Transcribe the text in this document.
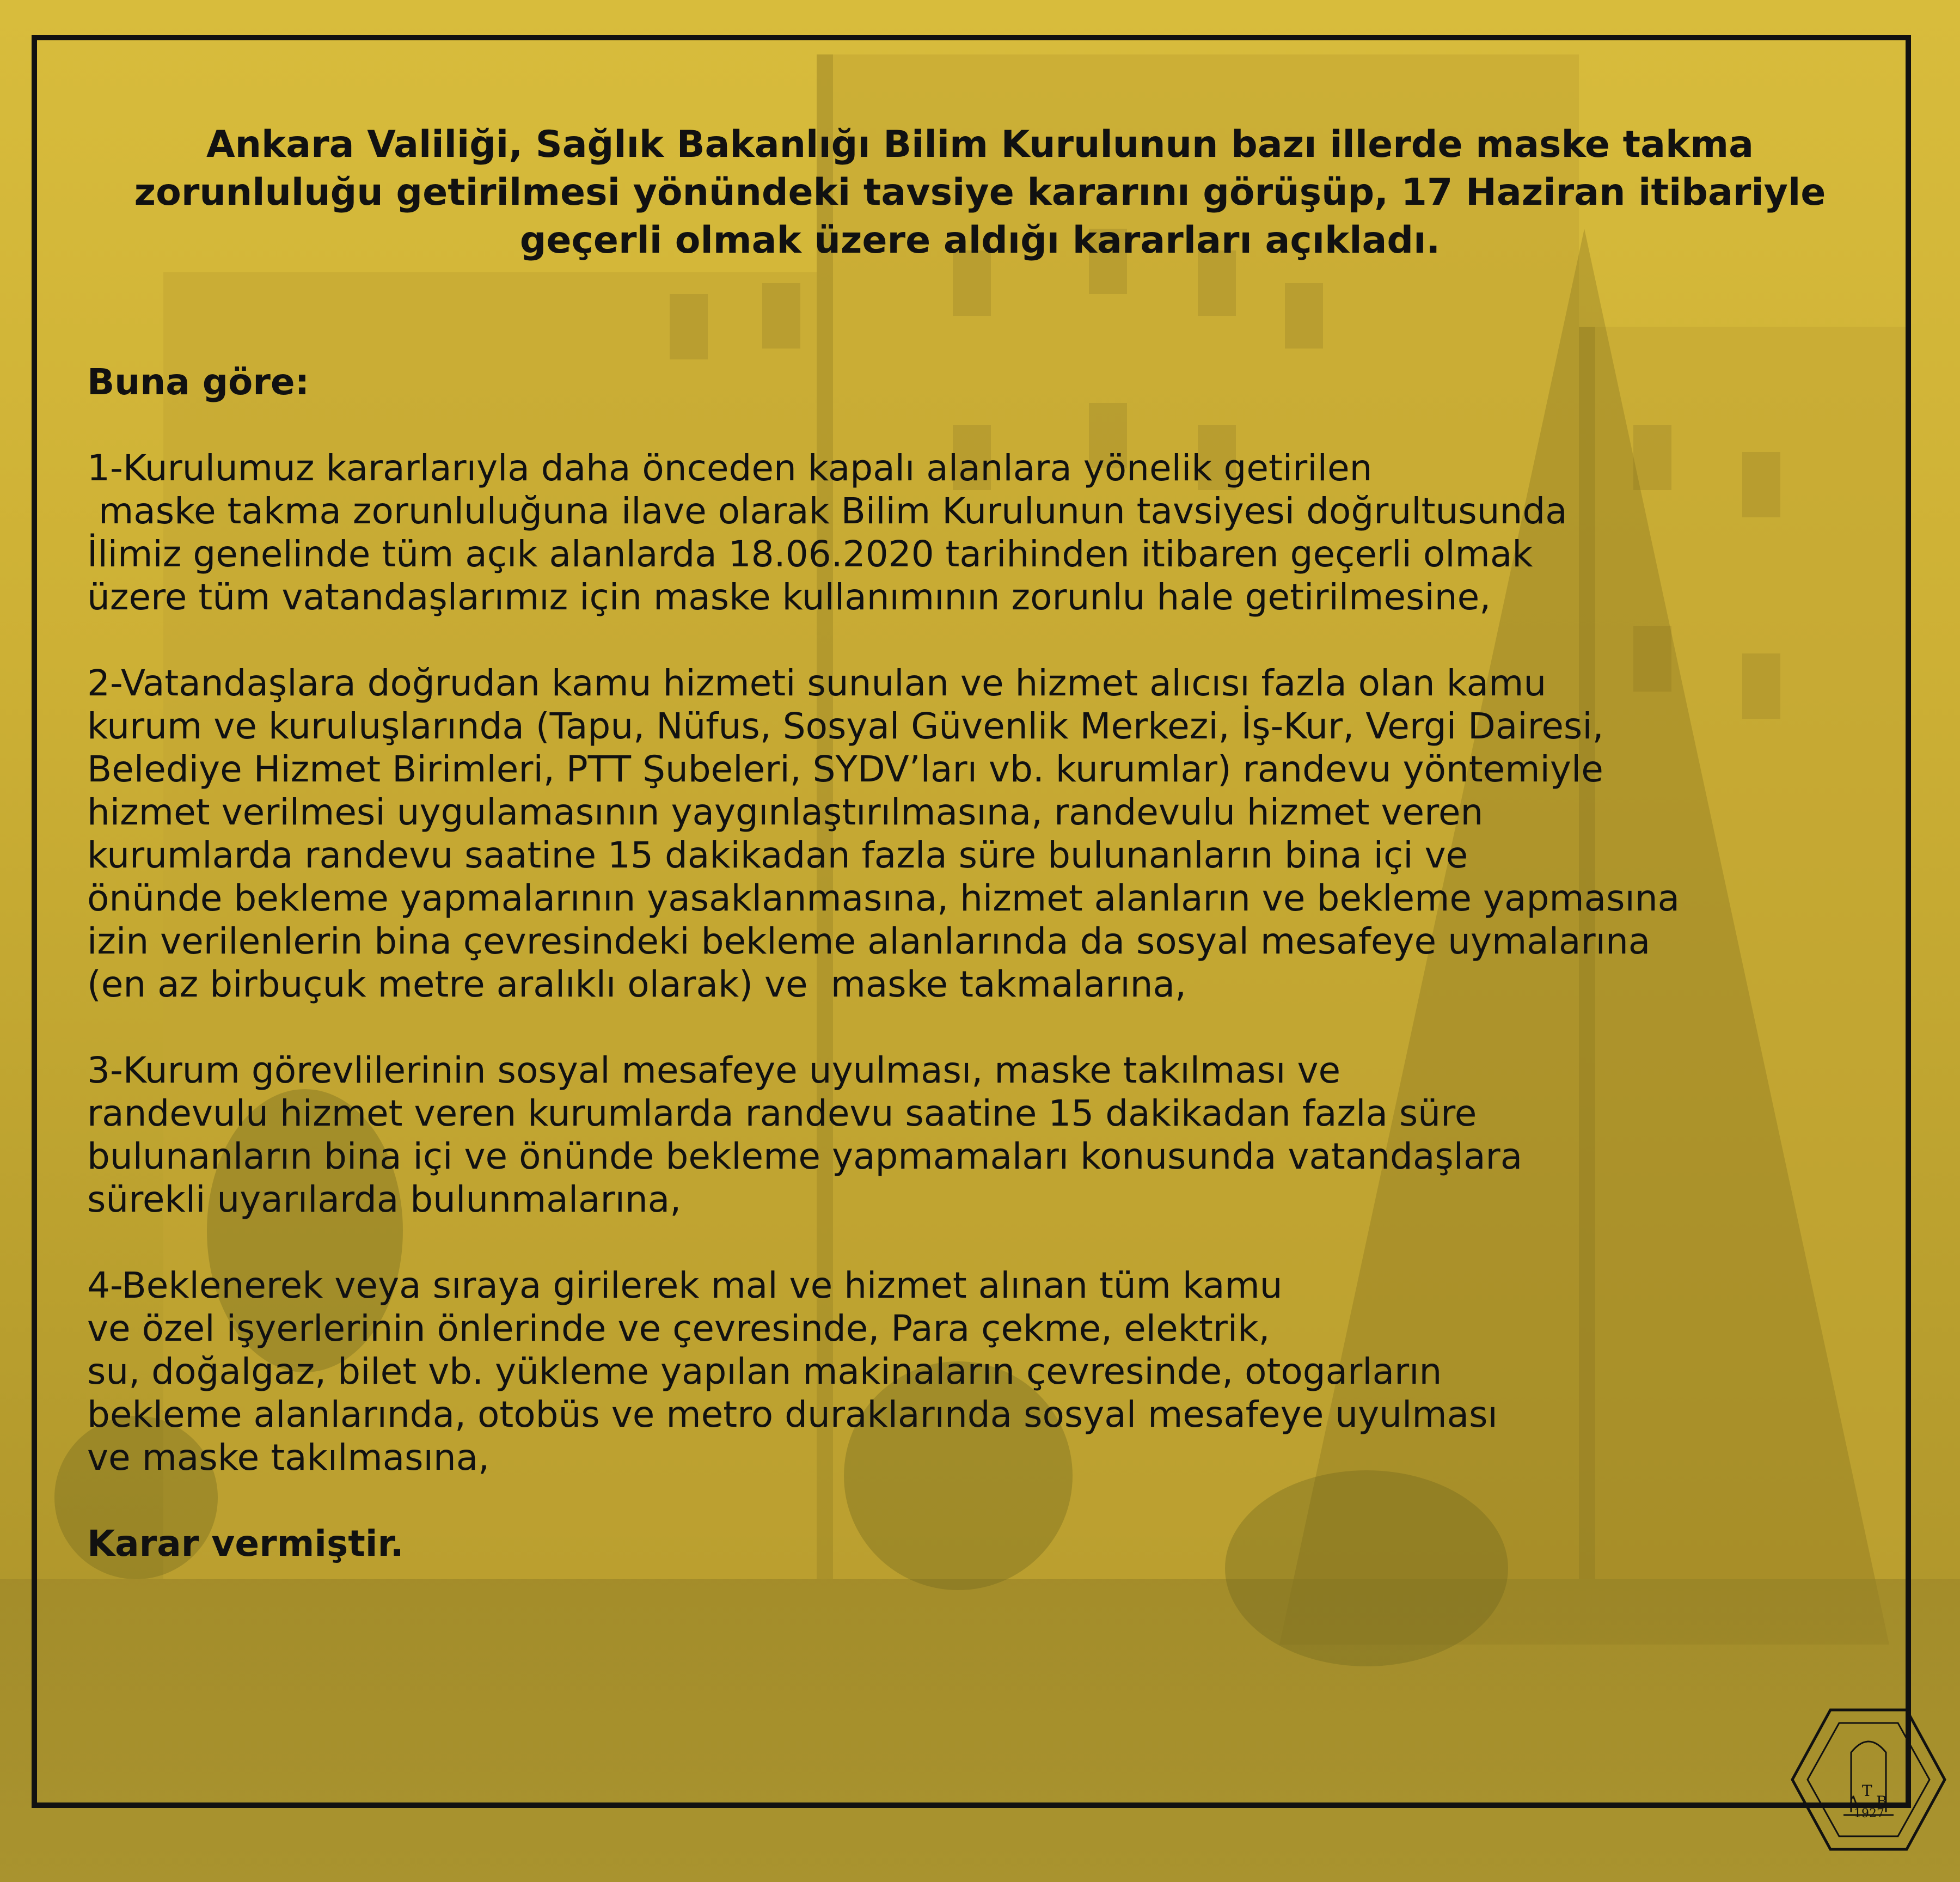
Ankara Valiliği, Sağlık Bakanlığı Bilim Kurulunun bazı illerde maske takma
zorunluluğu getirilmesi yönündeki tavsiye kararını görüşüp, 17 Haziran itibariyle
geçerli olmak üzere aldığı kararları açıkladı.

Buna göre:

1-Kurulumuz kararlarıyla daha önceden kapalı alanlara yönelik getirilen

maske takma zorunluluğuna ilave olarak Bilim Kurulunun tavsiyesi doğrultusunda

İlimiz genelinde tüm açık alanlarda 18.06.2020 tarihinden itibaren geçerli olmak

üzere tüm vatandaşlarımız için maske kullanımının zorunlu hale getirilmesine,

2-Vatandaşlara doğrudan kamu hizmeti sunulan ve hizmet alıcısı fazla olan kamu

kurum ve kuruluşlarında (Tapu, Nüfus, Sosyal Güvenlik Merkezi, İş-Kur, Vergi Dairesi,

Belediye Hizmet Birimleri, PTT Şubeleri, SYDV’ları vb. kurumlar) randevu yöntemiyle

hizmet verilmesi uygulamasının yaygınlaştırılmasına, randevulu hizmet veren

kurumlarda randevu saatine 15 dakikadan fazla süre bulunanların bina içi ve

önünde bekleme yapmalarının yasaklanmasına, hizmet alanların ve bekleme yapmasına

izin verilenlerin bina çevresindeki bekleme alanlarında da sosyal mesafeye uymalarına

(en az birbuçuk metre aralıklı olarak) ve  maske takmalarına,

3-Kurum görevlilerinin sosyal mesafeye uyulması, maske takılması ve

randevulu hizmet veren kurumlarda randevu saatine 15 dakikadan fazla süre

bulunanların bina içi ve önünde bekleme yapmamaları konusunda vatandaşlara

sürekli uyarılarda bulunmalarına,

4-Beklenerek veya sıraya girilerek mal ve hizmet alınan tüm kamu

ve özel işyerlerinin önlerinde ve çevresinde, Para çekme, elektrik,

su, doğalgaz, bilet vb. yükleme yapılan makinaların çevresinde, otogarların

bekleme alanlarında, otobüs ve metro duraklarında sosyal mesafeye uyulması

ve maske takılmasına,

Karar vermiştir.

A
T
B
1927
